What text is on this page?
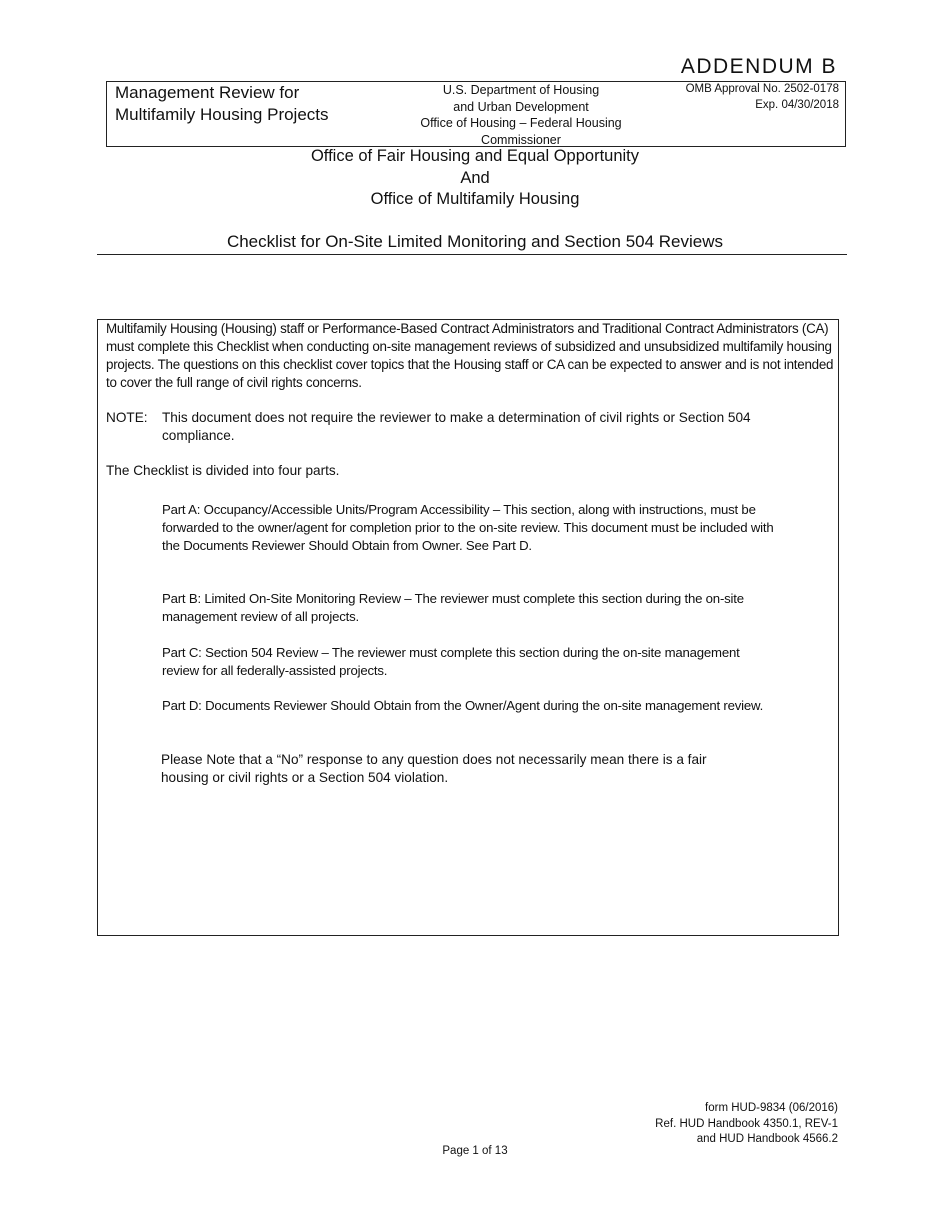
ADDENDUM B
Management Review for
Multifamily Housing Projects
U.S. Department of Housing
and Urban Development
Office of Housing – Federal Housing
Commissioner
OMB Approval No. 2502-0178
Exp. 04/30/2018
Office of Fair Housing and Equal Opportunity
And
Office of Multifamily Housing
Checklist for On-Site Limited Monitoring and Section 504 Reviews
Multifamily Housing (Housing) staff or Performance-Based Contract Administrators and Traditional Contract Administrators (CA) must complete this Checklist when conducting on-site management reviews of subsidized and unsubsidized multifamily housing projects. The questions on this checklist cover topics that the Housing staff or CA can be expected to answer and is not intended to cover the full range of civil rights concerns.
NOTE: This document does not require the reviewer to make a determination of civil rights or Section 504 compliance.
The Checklist is divided into four parts.
Part A: Occupancy/Accessible Units/Program Accessibility – This section, along with instructions, must be forwarded to the owner/agent for completion prior to the on-site review. This document must be included with the Documents Reviewer Should Obtain from Owner. See Part D.
Part B: Limited On-Site Monitoring Review – The reviewer must complete this section during the on-site management review of all projects.
Part C: Section 504 Review – The reviewer must complete this section during the on-site management review for all federally-assisted projects.
Part D: Documents Reviewer Should Obtain from the Owner/Agent during the on-site management review.
Please Note that a “No” response to any question does not necessarily mean there is a fair housing or civil rights or a Section 504 violation.
form HUD-9834 (06/2016)
Ref. HUD Handbook 4350.1, REV-1
and HUD Handbook 4566.2
Page 1 of 13
